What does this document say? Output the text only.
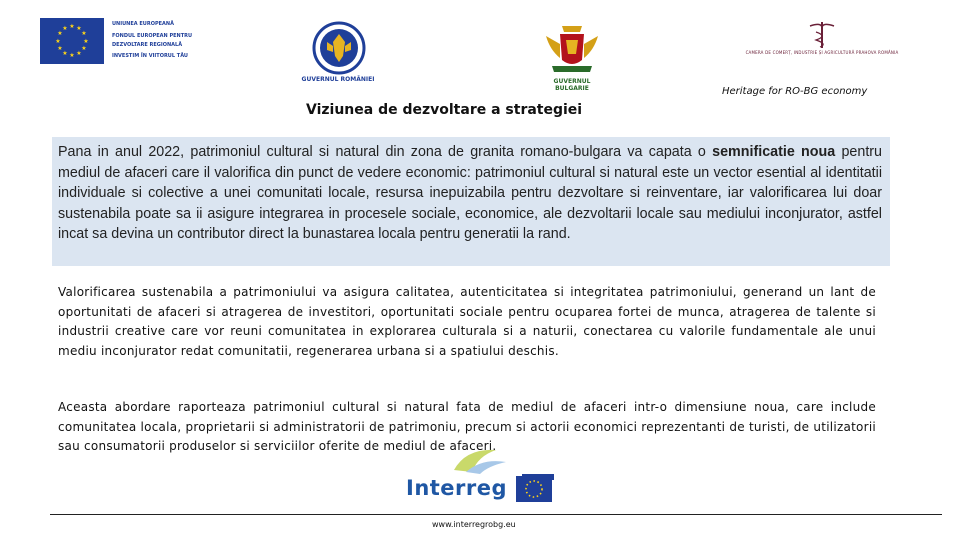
★ ★
★
★
★
★
★
★
★
★
★
★
UNIUNEA EUROPEANĂ
FONDUL EUROPEAN PENTRU
DEZVOLTARE REGIONALĂ
INVESTIM ÎN VIITORUL TĂU
GUVERNUL ROMÂNIEI	GUVERNUL BULGARIE
CAMERA DE COMERȚ, INDUSTRIE ȘI AGRICULTURĂ PRAHOVA ROMÂNIA
Heritage for RO-BG economy
Viziunea de dezvoltare a strategiei
Pana in anul 2022, patrimoniul cultural si natural din zona de granita romano-bulgara va capata o semnificatie noua pentru mediul de afaceri care il valorifica din punct de vedere economic: patrimoniul cultural si natural este un vector esential al identitatii individuale si colective a unei comunitati locale, resursa inepuizabila pentru dezvoltare si reinventare, iar valorificarea lui doar sustenabila poate sa ii asigure integrarea in procesele sociale, economice, ale dezvoltarii locale sau mediului inconjurator, astfel incat sa devina un contributor direct la bunastarea locala pentru generatii la rand.
Valorificarea sustenabila a patrimoniului va asigura calitatea, autenticitatea si integritatea patrimoniului, generand un lant de oportunitati de afaceri si atragerea de investitori, oportunitati sociale pentru ocuparea fortei de munca, atragerea de talente si industrii creative care vor reuni comunitatea in explorarea culturala si a naturii, conectarea cu valorile fundamentale ale unui mediu inconjurator redat comunitatii, regenerarea urbana si a spatiului deschis.
Aceasta abordare raporteaza patrimoniul cultural si natural fata de mediul de afaceri intr-o dimensiune noua, care include comunitatea locala, proprietarii si administratorii de patrimoniu, precum si actorii economici reprezentanti de turisti, de utilizatorii sau consumatorii produselor si serviciilor oferite de mediul de afaceri.
Interreg
www.interregrobg.eu
